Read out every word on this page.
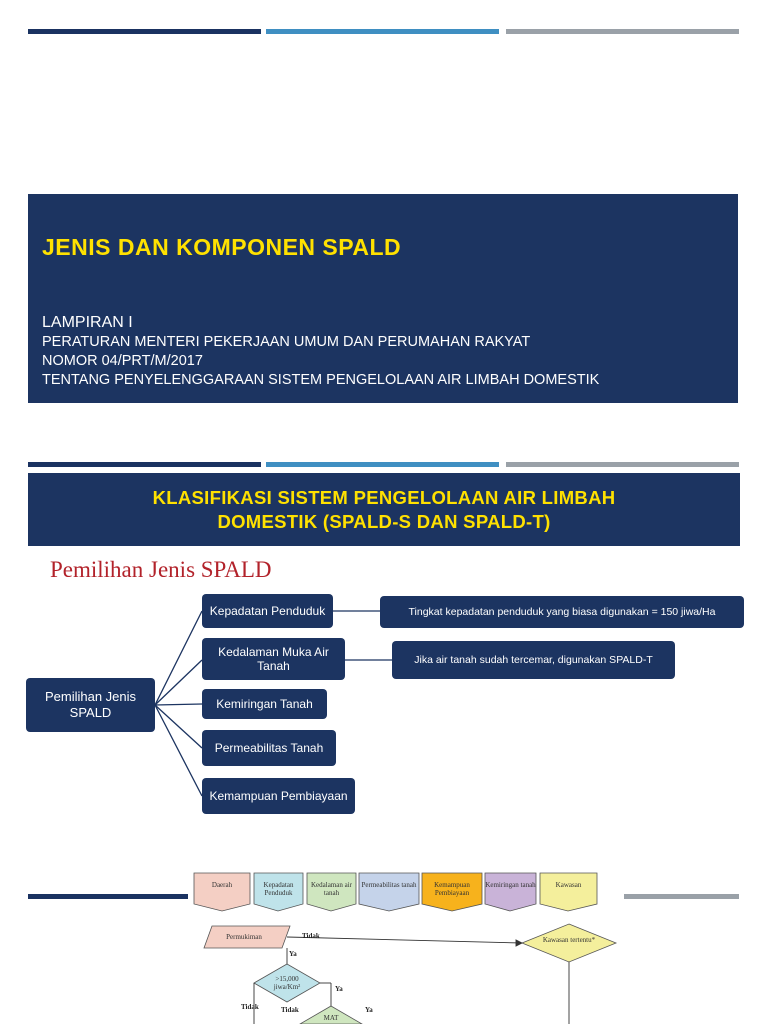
JENIS DAN KOMPONEN SPALD
LAMPIRAN I
PERATURAN MENTERI PEKERJAAN UMUM DAN PERUMAHAN RAKYAT
NOMOR 04/PRT/M/2017
TENTANG PENYELENGGARAAN SISTEM PENGELOLAAN AIR LIMBAH DOMESTIK
KLASIFIKASI SISTEM PENGELOLAAN AIR LIMBAH
DOMESTIK (SPALD-S DAN SPALD-T)
Pemilihan Jenis SPALD
Pemilihan Jenis SPALD
Kepadatan Penduduk
Kedalaman Muka Air Tanah
Kemiringan Tanah
Permeabilitas Tanah
Kemampuan Pembiayaan
Tingkat kepadatan penduduk yang biasa digunakan = 150 jiwa/Ha
Jika air tanah sudah tercemar, digunakan SPALD-T
Daerah	Kepadatan Penduduk
Kedalaman air tanah
Permeabilitas tanah	Kemampuan Pembiayaan
Kemiringan tanah	Kawasan
Permukiman
>15,000 jiwa/Km²
Kawasan tertentu*
MAT
Tidak
Ya
Ya
Tidak	Tidak	Ya
